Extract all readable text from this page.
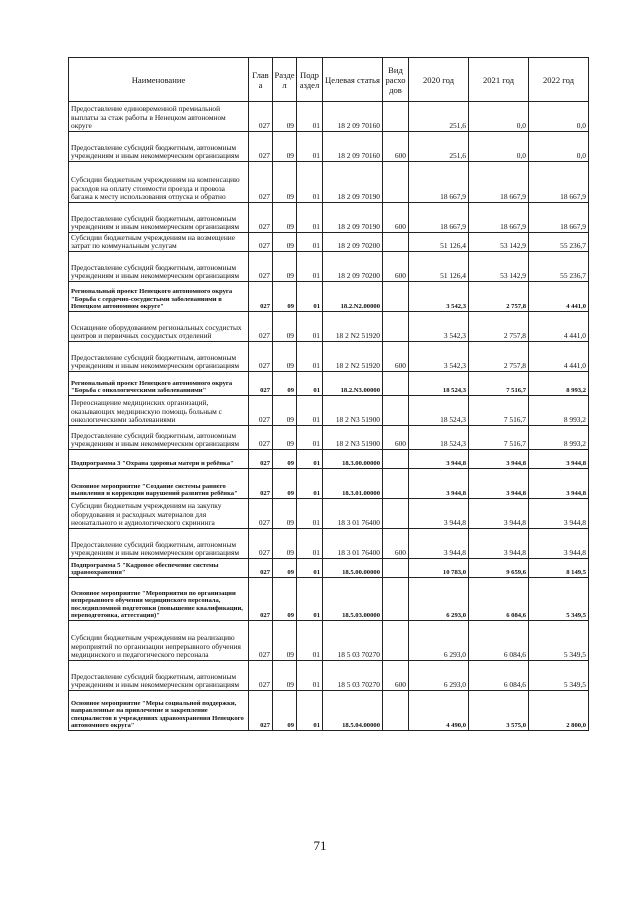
Наименование	Глав а	Разде л	Подр аздел	Целевая статья	Вид расхо дов	2020 год	2021 год	2022 год
Предоставление единовременной премиальной выплаты за стаж работы в Ненецком автономном округе	027	09	01	18 2 09 70160		251,6	0,0	0,0
Предоставление субсидий бюджетным, автономным учреждениям и иным некоммерческим организациям	027	09	01	18 2 09 70160	600	251,6	0,0	0,0
Субсидии бюджетным учреждениям на компенсацию расходов на оплату стоимости проезда и провоза багажа к месту использования отпуска и обратно	027	09	01	18 2 09 70190		18 667,9	18 667,9	18 667,9
Предоставление субсидий бюджетным, автономным учреждениям и иным некоммерческим организациям	027	09	01	18 2 09 70190	600	18 667,9	18 667,9	18 667,9
Субсидии бюджетным учреждениям на возмещение затрат по коммунальным услугам	027	09	01	18 2 09 70200		51 126,4	53 142,9	55 236,7
Предоставление субсидий бюджетным, автономным учреждениям и иным некоммерческим организациям	027	09	01	18 2 09 70200	600	51 126,4	53 142,9	55 236,7
Региональный проект Ненецкого автономного округа "Борьба с сердечно-сосудистыми заболеваниями в Ненецком автономном округе"	027	09	01	18.2.N2.00000		3 542,3	2 757,8	4 441,0
Оснащение оборудованием региональных сосудистых центров и первичных сосудистых отделений	027	09	01	18 2 N2 51920		3 542,3	2 757,8	4 441,0
Предоставление субсидий бюджетным, автономным учреждениям и иным некоммерческим организациям	027	09	01	18 2 N2 51920	600	3 542,3	2 757,8	4 441,0
Региональный проект Ненецкого автономного округа "Борьба с онкологическими заболеваниями"	027	09	01	18.2.N3.00000		18 524,3	7 516,7	8 993,2
Переоснащение медицинских организаций, оказывающих медицинскую помощь больным с онкологическими заболеваниями	027	09	01	18 2 N3 51900		18 524,3	7 516,7	8 993,2
Предоставление субсидий бюджетным, автономным учреждениям и иным некоммерческим организациям	027	09	01	18 2 N3 51900	600	18 524,3	7 516,7	8 993,2
Подпрограмма 3 "Охрана здоровья матери и ребёнка"	027	09	01	18.3.00.00000		3 944,8	3 944,8	3 944,8
Основное мероприятие "Создание системы раннего выявления и коррекции нарушений развития ребёнка"	027	09	01	18.3.01.00000		3 944,8	3 944,8	3 944,8
Субсидии бюджетным учреждениям на закупку оборудования и расходных материалов для неонатального и аудиологического скрининга	027	09	01	18 3 01 76400		3 944,8	3 944,8	3 944,8
Предоставление субсидий бюджетным, автономным учреждениям и иным некоммерческим организациям	027	09	01	18 3 01 76400	600	3 944,8	3 944,8	3 944,8
Подпрограмма 5 "Кадровое обеспечение системы здравоохранения"	027	09	01	18.5.00.00000		10 783,0	9 659,6	8 149,5
Основное мероприятие "Мероприятия по организации непрерывного обучения медицинского персонала, последипломной подготовки (повышение квалификации, переподготовка, аттестация)"	027	09	01	18.5.03.00000		6 293,0	6 084,6	5 349,5
Субсидии бюджетным учреждениям на реализацию мероприятий по организации непрерывного обучения медицинского и педагогического персонала	027	09	01	18 5 03 70270		6 293,0	6 084,6	5 349,5
Предоставление субсидий бюджетным, автономным учреждениям и иным некоммерческим организациям	027	09	01	18 5 03 70270	600	6 293,0	6 084,6	5 349,5
Основное мероприятие "Меры социальной поддержки, направленные на привлечение и закрепление специалистов в учреждениях здравоохранения Ненецкого автономного округа"	027	09	01	18.5.04.00000		4 490,0	3 575,0	2 800,0
71
